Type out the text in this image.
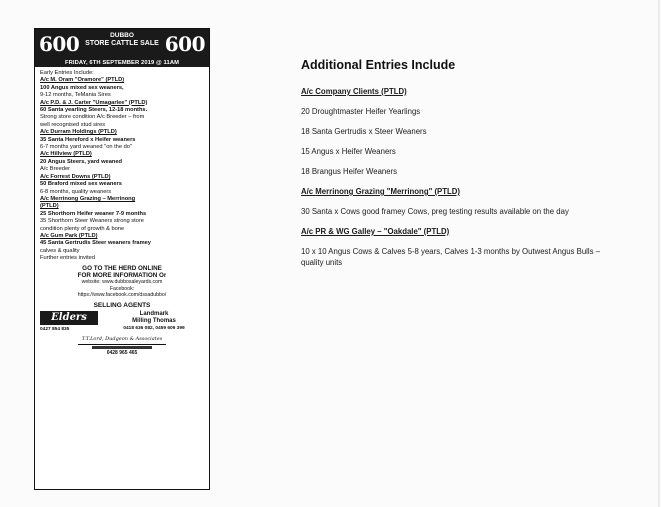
600	DUBBO
STORE CATTLE SALE 600
FRIDAY, 6TH SEPTEMBER 2019 @ 11AM
Early Entries Include:
A/c M. Oram "Oramore" (PTLD)
100 Angus mixed sex weaners,
9-12 months, TeMania Sires
A/c P.D. & J. Carter "Umagarlee" (PTLD)
60 Santa yearling Steers, 12-18 months.
Strong store condition A/c Breeder – from
well recognised stud sires
A/c Durram Holdings (PTLD)
35 Santa Hereford x Heifer weaners
6-7 months yard weaned "on the do"
A/c Hillview (PTLD)
20 Angus Steers, yard weaned
A/c Breeder
A/c Forrest Downs (PTLD)
50 Braford mixed sex weaners
6-8 months, quality weaners
A/c Merrinong Grazing – Merrinong
(PTLD)
25 Shorthorn Heifer weaner 7-9 months
35 Shorthorn Steer Weaners strong store
condition plenty of growth & bone
A/c Gum Park (PTLD)
45 Santa Gertrudis Steer weaners framey
calves & quality
Further entries invited
GO TO THE HERD ONLINE
FOR MORE INFORMATION Or
website: www.dubbosaleyards.com
Facebook:
https://www.facebook.com/dssadubbo/
SELLING AGENTS
Elders
0427 854 835
Landmark
Milling Thomas
0418 636 082, 0459 609 399
T.T.Lord, Dudgeon & Associates
0428 965 465
Additional Entries Include
A/c Company Clients (PTLD)
20 Droughtmaster Heifer Yearlings
18 Santa Gertrudis x Steer Weaners
15 Angus x Heifer Weaners
18 Brangus Heifer Weaners
A/c Merrinong Grazing "Merrinong" (PTLD)
30 Santa x Cows good framey Cows, preg testing results available on the day
A/c PR & WG Galley – "Oakdale" (PTLD)
10 x 10 Angus Cows & Calves 5-8 years, Calves 1-3 months by Outwest Angus Bulls – quality units
